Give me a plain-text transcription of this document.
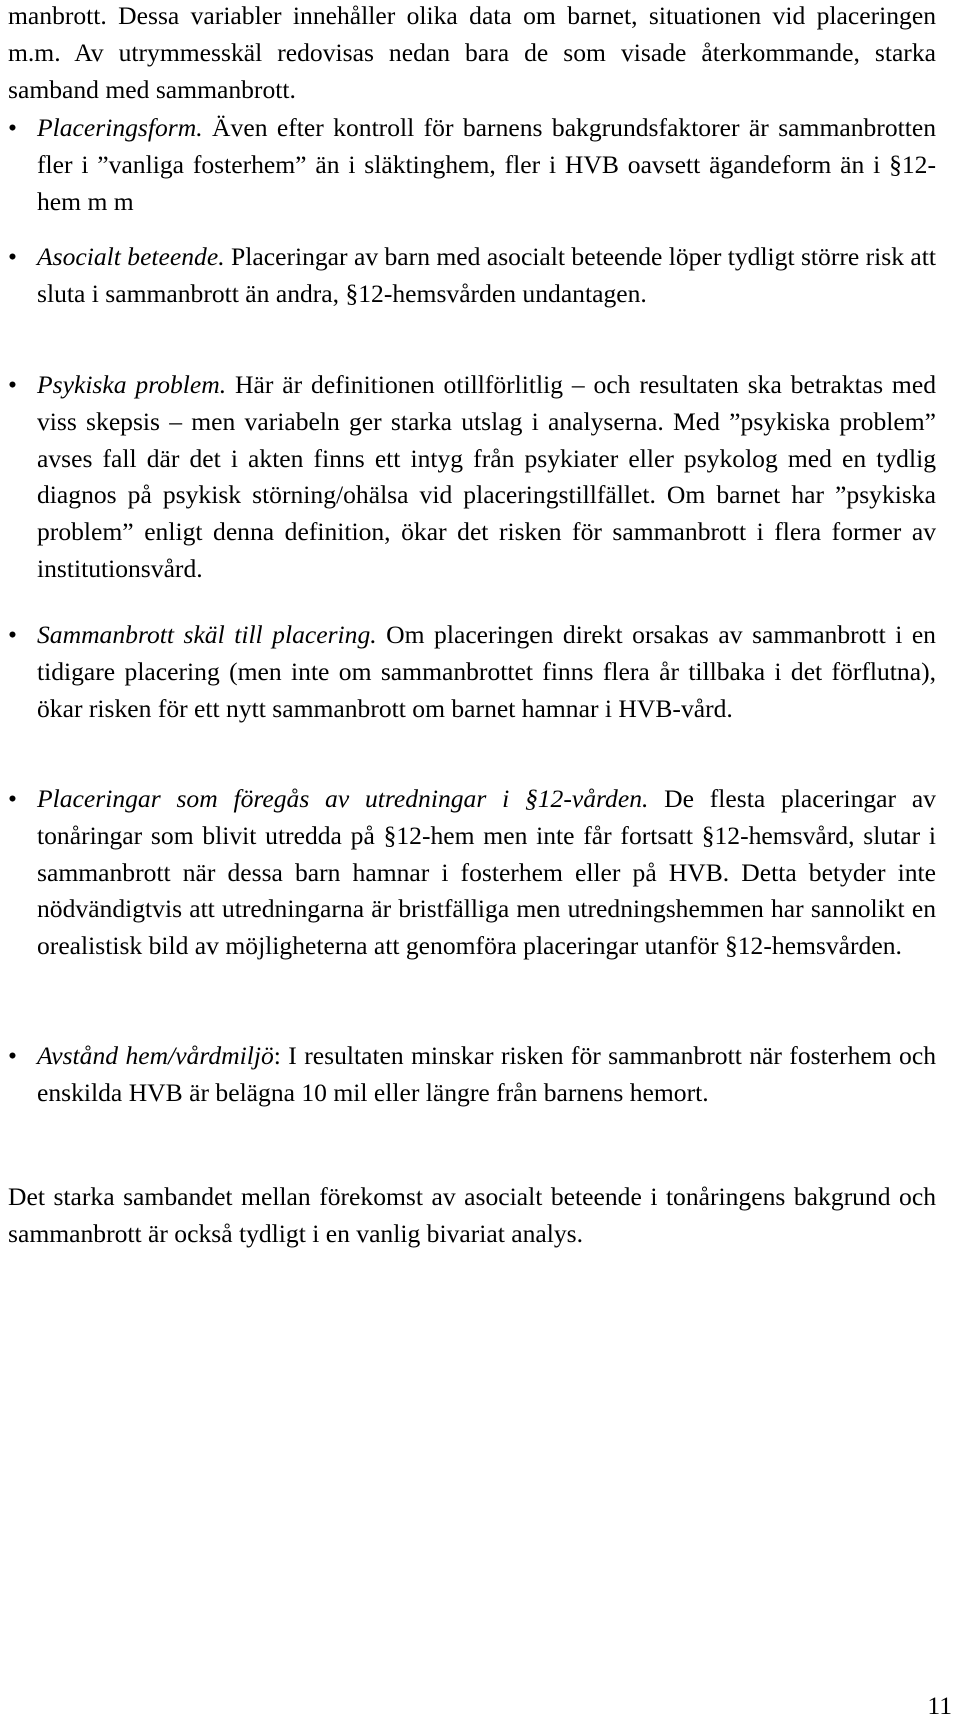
manbrott. Dessa variabler innehåller olika data om barnet, situationen vid placeringen m.m. Av utrymmesskäl redovisas nedan bara de som visade återkommande, starka samband med sammanbrott.

• Placeringsform. Även efter kontroll för barnens bakgrundsfaktorer är sammanbrotten fler i ”vanliga fosterhem” än i släktinghem, fler i HVB oavsett ägandeform än i §12-hem m m

• Asocialt beteende. Placeringar av barn med asocialt beteende löper tydligt större risk att sluta i sammanbrott än andra, §12-hemsvården undantagen.

• Psykiska problem. Här är definitionen otillförlitlig – och resultaten ska betraktas med viss skepsis – men variabeln ger starka utslag i analyserna. Med ”psykiska problem” avses fall där det i akten finns ett intyg från psykiater eller psykolog med en tydlig diagnos på psykisk störning/ohälsa vid placeringstillfället. Om barnet har ”psykiska problem” enligt denna definition, ökar det risken för sammanbrott i flera former av institutionsvård.

• Sammanbrott skäl till placering. Om placeringen direkt orsakas av sammanbrott i en tidigare placering (men inte om sammanbrottet finns flera år tillbaka i det förflutna), ökar risken för ett nytt sammanbrott om barnet hamnar i HVB-vård.

• Placeringar som föregås av utredningar i §12-vården. De flesta placeringar av tonåringar som blivit utredda på §12-hem men inte får fortsatt §12-hemsvård, slutar i sammanbrott när dessa barn hamnar i fosterhem eller på HVB. Detta betyder inte nödvändigtvis att utredningarna är bristfälliga men utredningshemmen har sannolikt en orealistisk bild av möjligheterna att genomföra placeringar utanför §12-hemsvården.

• Avstånd hem/vårdmiljö: I resultaten minskar risken för sammanbrott när fosterhem och enskilda HVB är belägna 10 mil eller längre från barnens hemort.

Det starka sambandet mellan förekomst av asocialt beteende i tonåringens bakgrund och sammanbrott är också tydligt i en vanlig bivariat analys.

11
